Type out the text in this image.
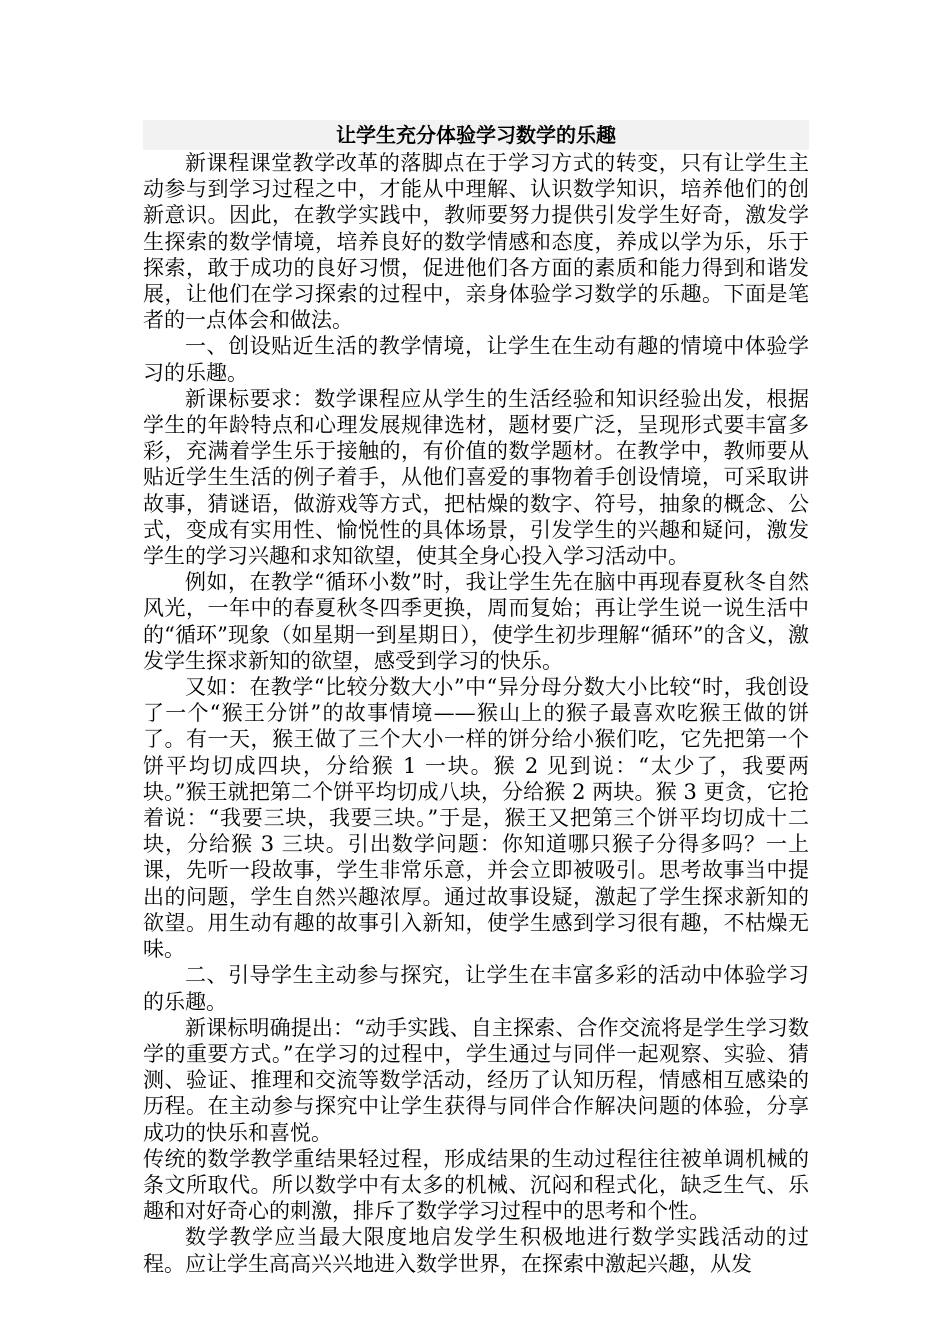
让学生充分体验学习数学的乐趣

新课程课堂教学改革的落脚点在于学习方式的转变，只有让学生主动参与到学习过程之中，才能从中理解、认识数学知识，培养他们的创新意识。因此，在教学实践中，教师要努力提供引发学生好奇，激发学生探索的数学情境，培养良好的数学情感和态度，养成以学为乐，乐于探索，敢于成功的良好习惯，促进他们各方面的素质和能力得到和谐发展，让他们在学习探索的过程中，亲身体验学习数学的乐趣。下面是笔者的一点体会和做法。

一、创设贴近生活的教学情境，让学生在生动有趣的情境中体验学习的乐趣。

新课标要求：数学课程应从学生的生活经验和知识经验出发，根据学生的年龄特点和心理发展规律选材，题材要广泛，呈现形式要丰富多彩，充满着学生乐于接触的，有价值的数学题材。在教学中，教师要从贴近学生生活的例子着手，从他们喜爱的事物着手创设情境，可采取讲故事，猜谜语，做游戏等方式，把枯燥的数字、符号，抽象的概念、公式，变成有实用性、愉悦性的具体场景，引发学生的兴趣和疑问，激发学生的学习兴趣和求知欲望，使其全身心投入学习活动中。

例如，在教学“循环小数”时，我让学生先在脑中再现春夏秋冬自然风光，一年中的春夏秋冬四季更换，周而复始；再让学生说一说生活中的“循环”现象（如星期一到星期日），使学生初步理解“循环”的含义，激发学生探求新知的欲望，感受到学习的快乐。

又如：在教学“比较分数大小”中“异分母分数大小比较“时，我创设了一个“猴王分饼”的故事情境——猴山上的猴子最喜欢吃猴王做的饼了。有一天，猴王做了三个大小一样的饼分给小猴们吃，它先把第一个饼平均切成四块，分给猴 1 一块。猴 2 见到说：“太少了，我要两块。”猴王就把第二个饼平均切成八块，分给猴 2 两块。猴 3 更贪，它抢着说：“我要三块，我要三块。”于是，猴王又把第三个饼平均切成十二块，分给猴 3 三块。引出数学问题：你知道哪只猴子分得多吗？一上课，先听一段故事，学生非常乐意，并会立即被吸引。思考故事当中提出的问题，学生自然兴趣浓厚。通过故事设疑，激起了学生探求新知的欲望。用生动有趣的故事引入新知，使学生感到学习很有趣，不枯燥无味。

二、引导学生主动参与探究，让学生在丰富多彩的活动中体验学习的乐趣。

新课标明确提出：“动手实践、自主探索、合作交流将是学生学习数学的重要方式。”在学习的过程中，学生通过与同伴一起观察、实验、猜测、验证、推理和交流等数学活动，经历了认知历程，情感相互感染的历程。在主动参与探究中让学生获得与同伴合作解决问题的体验，分享成功的快乐和喜悦。

传统的数学教学重结果轻过程，形成结果的生动过程往往被单调机械的条文所取代。所以数学中有太多的机械、沉闷和程式化，缺乏生气、乐趣和对好奇心的刺激，排斥了数学学习过程中的思考和个性。

数学教学应当最大限度地启发学生积极地进行数学实践活动的过程。应让学生高高兴兴地进入数学世界，在探索中激起兴趣，从发
